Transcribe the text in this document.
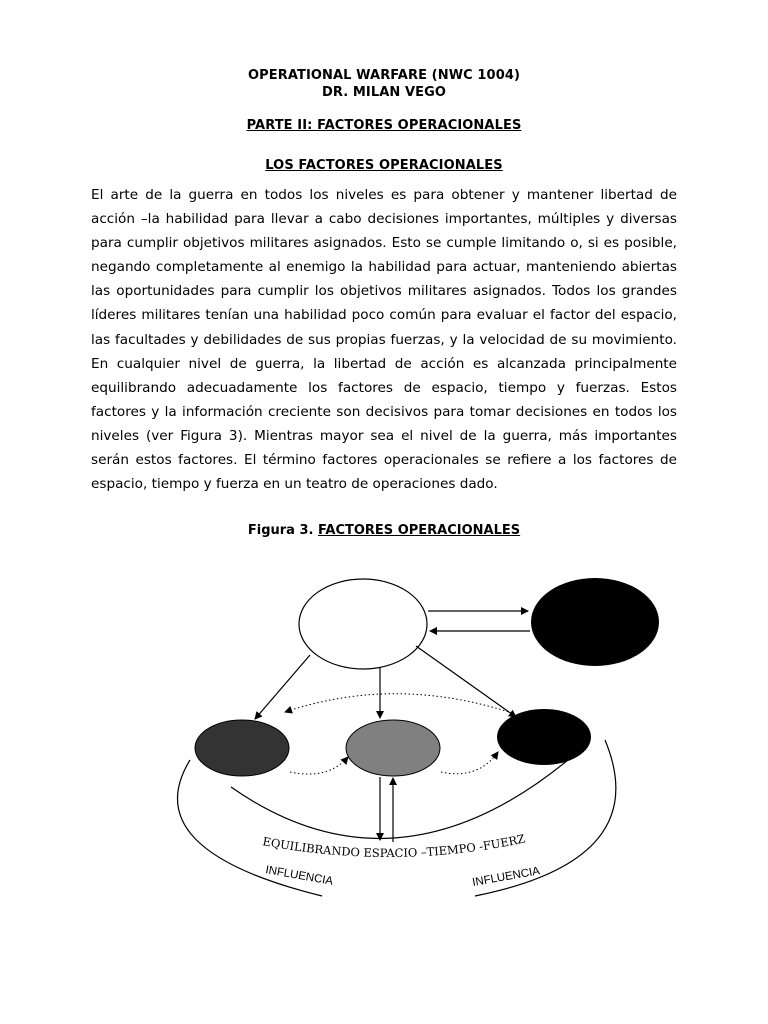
OPERATIONAL WARFARE (NWC 1004)
DR. MILAN VEGO
PARTE II: FACTORES OPERACIONALES
LOS FACTORES OPERACIONALES

El arte de la guerra en todos los niveles es para obtener y mantener libertad de acción –la habilidad para llevar a cabo decisiones importantes, múltiples y diversas para cumplir objetivos militares asignados. Esto se cumple limitando o, si es posible, negando completamente al enemigo la habilidad para actuar, manteniendo abiertas las oportunidades para cumplir los objetivos militares asignados. Todos los grandes líderes militares tenían una habilidad poco común para evaluar el factor del espacio, las facultades y debilidades de sus propias fuerzas, y la velocidad de su movimiento. En cualquier nivel de guerra, la libertad de acción es alcanzada principalmente equilibrando adecuadamente los factores de espacio, tiempo y fuerzas. Estos factores y la información creciente son decisivos para tomar decisiones en todos los niveles (ver Figura 3). Mientras mayor sea el nivel de la guerra, más importantes serán estos factores. El término factores operacionales se refiere a los factores de espacio, tiempo y fuerza en un teatro de operaciones dado.

Figura 3. FACTORES OPERACIONALES
EQUILIBRANDO ESPACIO –TIEMPO -FUERZ
INFLUENCIA	INFLUENCIA
